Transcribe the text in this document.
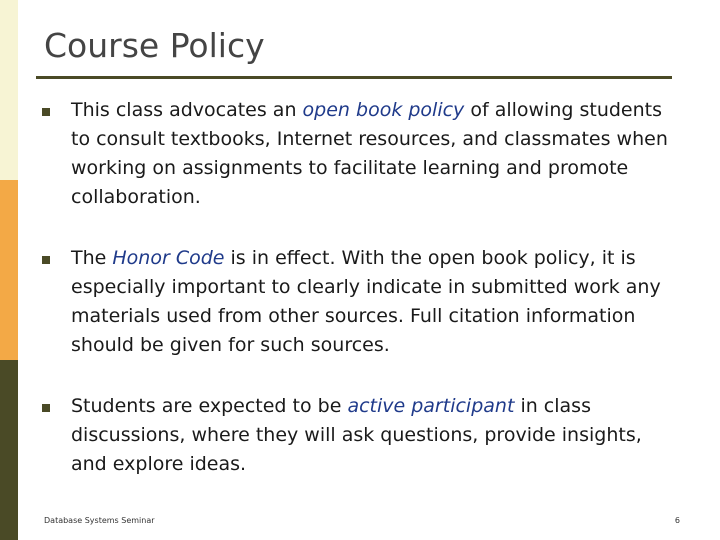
Course Policy
This class advocates an open book policy of allowing students to consult textbooks, Internet resources, and classmates when working on assignments to facilitate learning and promote collaboration.
The Honor Code is in effect. With the open book policy, it is especially important to clearly indicate in submitted work any materials used from other sources. Full citation information should be given for such sources.
Students are expected to be active participant in class discussions, where they will ask questions, provide insights, and explore ideas.
Database Systems Seminar	6
